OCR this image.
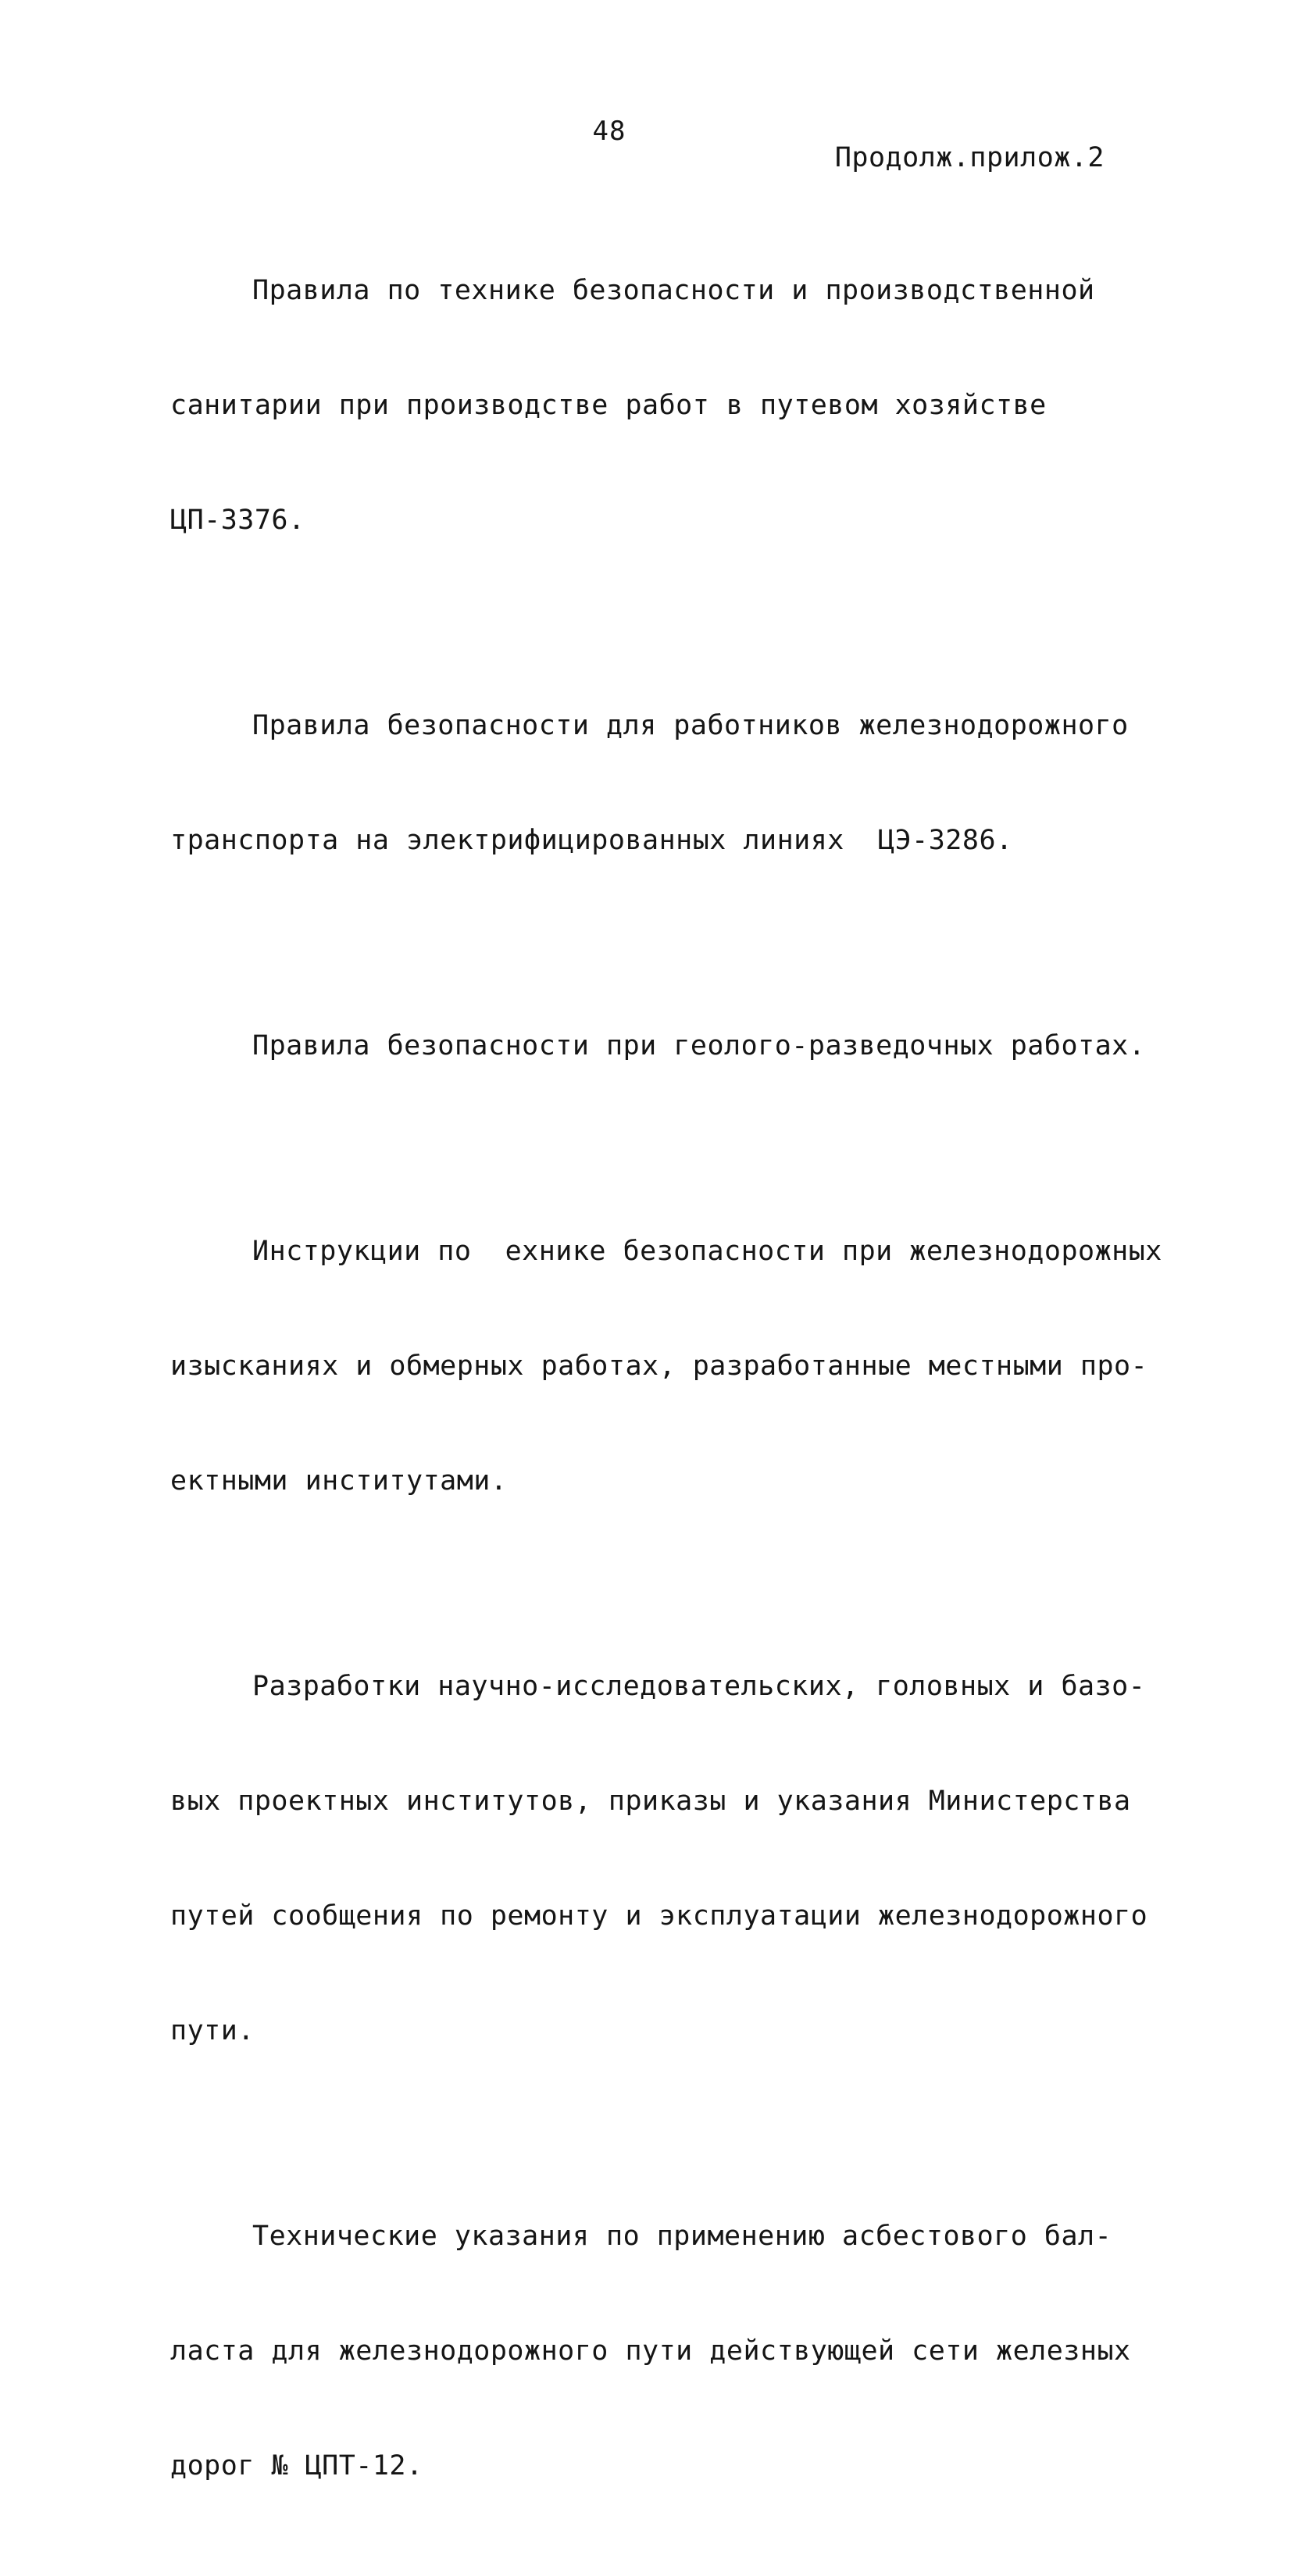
48
Продолж.прилож.2

Правила по технике безопасности и производственной

санитарии при производстве работ в путевом хозяйстве

ЦП-3376.

Правила безопасности для работников железнодорожного

транспорта на электрифицированных линиях  ЦЭ-3286.

Правила безопасности при геолого-разведочных работах.

Инструкции по  ехнике безопасности при железнодорожных

изысканиях и обмерных работах, разработанные местными про-

ектными институтами.

Разработки научно-исследовательских, головных и базо-

вых проектных институтов, приказы и указания Министерства

путей сообщения по ремонту и эксплуатации железнодорожного

пути.

Технические указания по применению асбестового бал-

ласта для железнодорожного пути действующей сети железных

дорог № ЦПТ-12.
